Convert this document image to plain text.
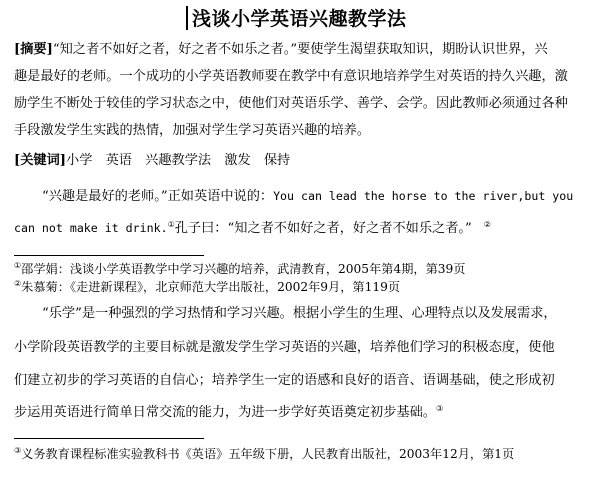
浅谈小学英语兴趣教学法
[摘要]“知之者不如好之者，好之者不如乐之者。”要使学生渴望获取知识，期盼认识世界，兴
趣是最好的老师。一个成功的小学英语教师要在教学中有意识地培养学生对英语的持久兴趣，激
励学生不断处于较佳的学习状态之中，使他们对英语乐学、善学、会学。因此教师必须通过各种
手段激发学生实践的热情，加强对学生学习英语兴趣的培养。
[关键词]小学　英语　兴趣教学法　激发　保持
“兴趣是最好的老师。”正如英语中说的：You can lead the horse to the river,but you
can not make it drink.①孔子曰：“知之者不如好之者，好之者不如乐之者。” ②
①邵学娟：浅谈小学英语教学中学习兴趣的培养，武清教育，2005年第4期，第39页
②朱慕菊：《走进新课程》，北京师范大学出版社，2002年9月，第119页
“乐学”是一种强烈的学习热情和学习兴趣。根据小学生的生理、心理特点以及发展需求，
小学阶段英语教学的主要目标就是激发学生学习英语的兴趣，培养他们学习的积极态度，使他
们建立初步的学习英语的自信心；培养学生一定的语感和良好的语音、语调基础，使之形成初
步运用英语进行简单日常交流的能力，为进一步学好英语奠定初步基础。③
③义务教育课程标准实验教科书《英语》五年级下册，人民教育出版社，2003年12月，第1页
